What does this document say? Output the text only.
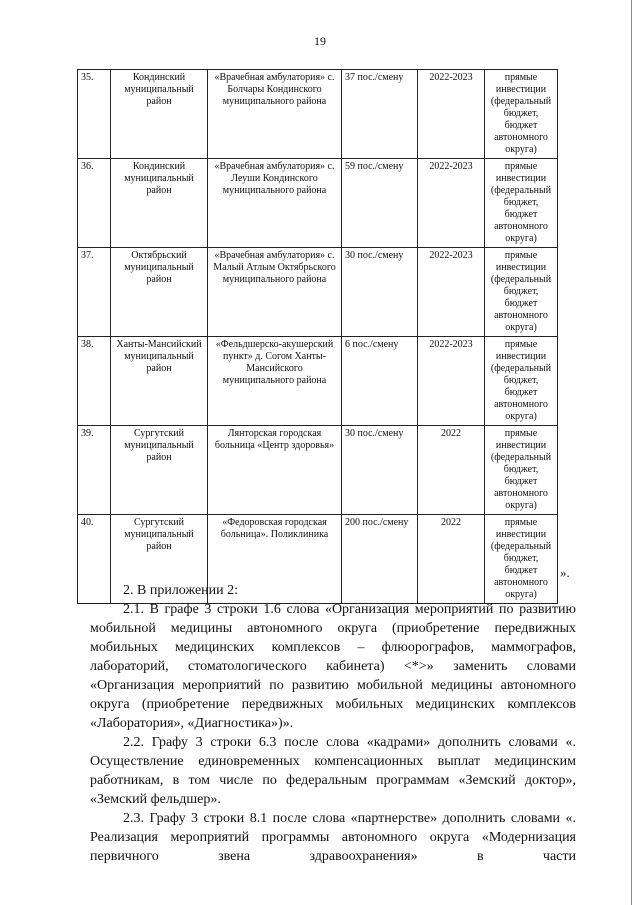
19
35.	Кондинский муниципальный район	«Врачебная амбулатория» с. Болчары Кондинского муниципального района	37 пос./смену	2022-2023	прямые инвестиции (федеральный бюджет, бюджет автономного округа)
36.	Кондинский муниципальный район	«Врачебная амбулатория» с. Леуши Кондинского муниципального района	59 пос./смену	2022-2023	прямые инвестиции (федеральный бюджет, бюджет автономного округа)
37.	Октябрьский муниципальный район	«Врачебная амбулатория» с. Малый Атлым Октябрьского муниципального района	30 пос./смену	2022-2023	прямые инвестиции (федеральный бюджет, бюджет автономного округа)
38.	Ханты-Мансийский муниципальный район	«Фельдшерско-акушерский пункт» д. Согом Ханты-Мансийского муниципального района	6 пос./смену	2022-2023	прямые инвестиции (федеральный бюджет, бюджет автономного округа)
39.	Сургутский муниципальный район	Лянторская городская больница «Центр здоровья»	30 пос./смену	2022	прямые инвестиции (федеральный бюджет, бюджет автономного округа)
40.	Сургутский муниципальный район	«Федоровская городская больница». Поликлиника	200 пос./смену	2022	прямые инвестиции (федеральный бюджет, бюджет автономного округа)
».

2. В приложении 2:

2.1. В графе 3 строки 1.6 слова «Организация мероприятий по развитию мобильной медицины автономного округа (приобретение передвижных мобильных медицинских комплексов – флюорографов, маммографов, лабораторий, стоматологического кабинета) <*>» заменить словами «Организация мероприятий по развитию мобильной медицины автономного округа (приобретение передвижных мобильных медицинских комплексов «Лаборатория», «Диагностика»)».

2.2. Графу 3 строки 6.3 после слова «кадрами» дополнить словами «. Осуществление единовременных компенсационных выплат медицинским работникам, в том числе по федеральным программам «Земский доктор», «Земский фельдшер».

2.3. Графу 3 строки 8.1 после слова «партнерстве» дополнить словами «. Реализация мероприятий программы автономного округа «Модернизация первичного звена здравоохранения» в части
